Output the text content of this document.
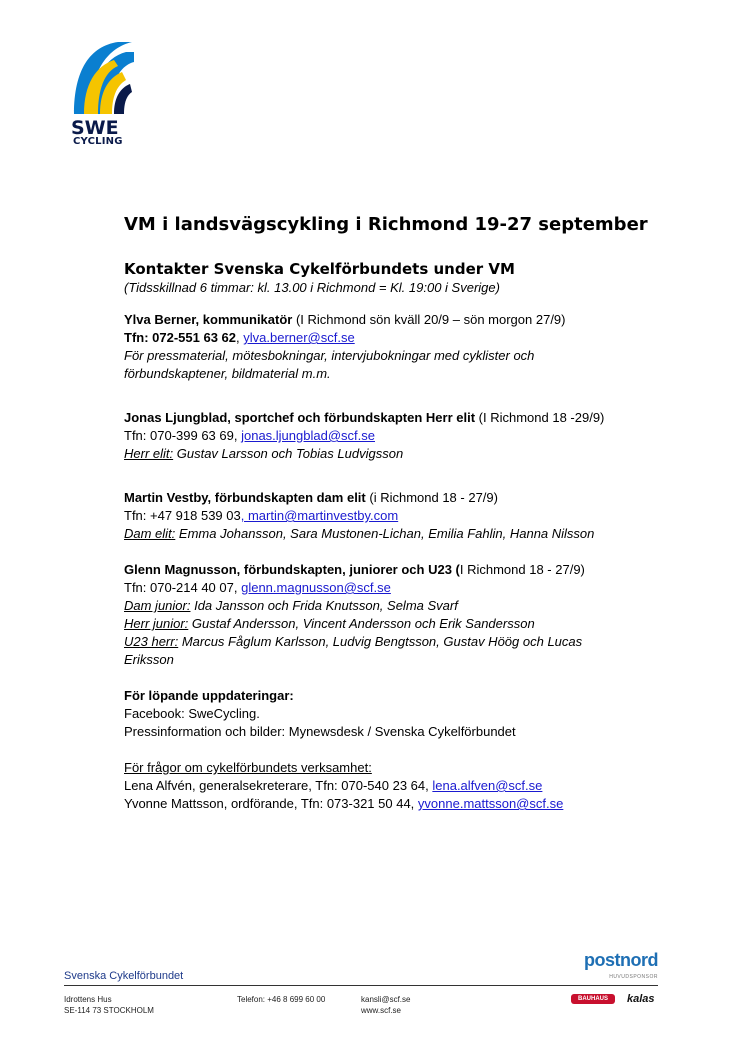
SWE
CYCLING
VM i landsvägscykling i Richmond 19-27 september
Kontakter Svenska Cykelförbundets under VM
(Tidsskillnad 6 timmar: kl. 13.00 i Richmond = Kl. 19:00 i Sverige)
Ylva Berner, kommunikatör (I Richmond sön kväll 20/9 – sön morgon 27/9)
Tfn: 072-551 63 62, ylva.berner@scf.se
För pressmaterial, mötesbokningar, intervjubokningar med cyklister och
förbundskaptener, bildmaterial m.m.
Jonas Ljungblad, sportchef och förbundskapten Herr elit (I Richmond 18 -29/9)
Tfn: 070-399 63 69, jonas.ljungblad@scf.se
Herr elit: Gustav Larsson och Tobias Ludvigsson
Martin Vestby, förbundskapten dam elit (i Richmond 18 - 27/9)
Tfn: +47 918 539 03, martin@martinvestby.com
Dam elit: Emma Johansson, Sara Mustonen-Lichan, Emilia Fahlin, Hanna Nilsson
Glenn Magnusson, förbundskapten, juniorer och U23 (I Richmond 18 - 27/9)
Tfn: 070-214 40 07, glenn.magnusson@scf.se
Dam junior: Ida Jansson och Frida Knutsson, Selma Svarf
Herr junior: Gustaf Andersson, Vincent Andersson och Erik Sandersson
U23 herr: Marcus Fåglum Karlsson, Ludvig Bengtsson, Gustav Höög och Lucas
Eriksson
För löpande uppdateringar:
Facebook: SweCycling.
Pressinformation och bilder: Mynewsdesk / Svenska Cykelförbundet
För frågor om cykelförbundets verksamhet:
Lena Alfvén, generalsekreterare, Tfn: 070-540 23 64, lena.alfven@scf.se
Yvonne Mattsson, ordförande, Tfn: 073-321 50 44, yvonne.mattsson@scf.se
postnord
HUVUDSPONSOR
Svenska Cykelförbundet
Idrottens Hus
SE-114 73 STOCKHOLM
Telefon: +46 8 699 60 00	kansli@scf.se
www.scf.se
BAUHAUS	kalas
